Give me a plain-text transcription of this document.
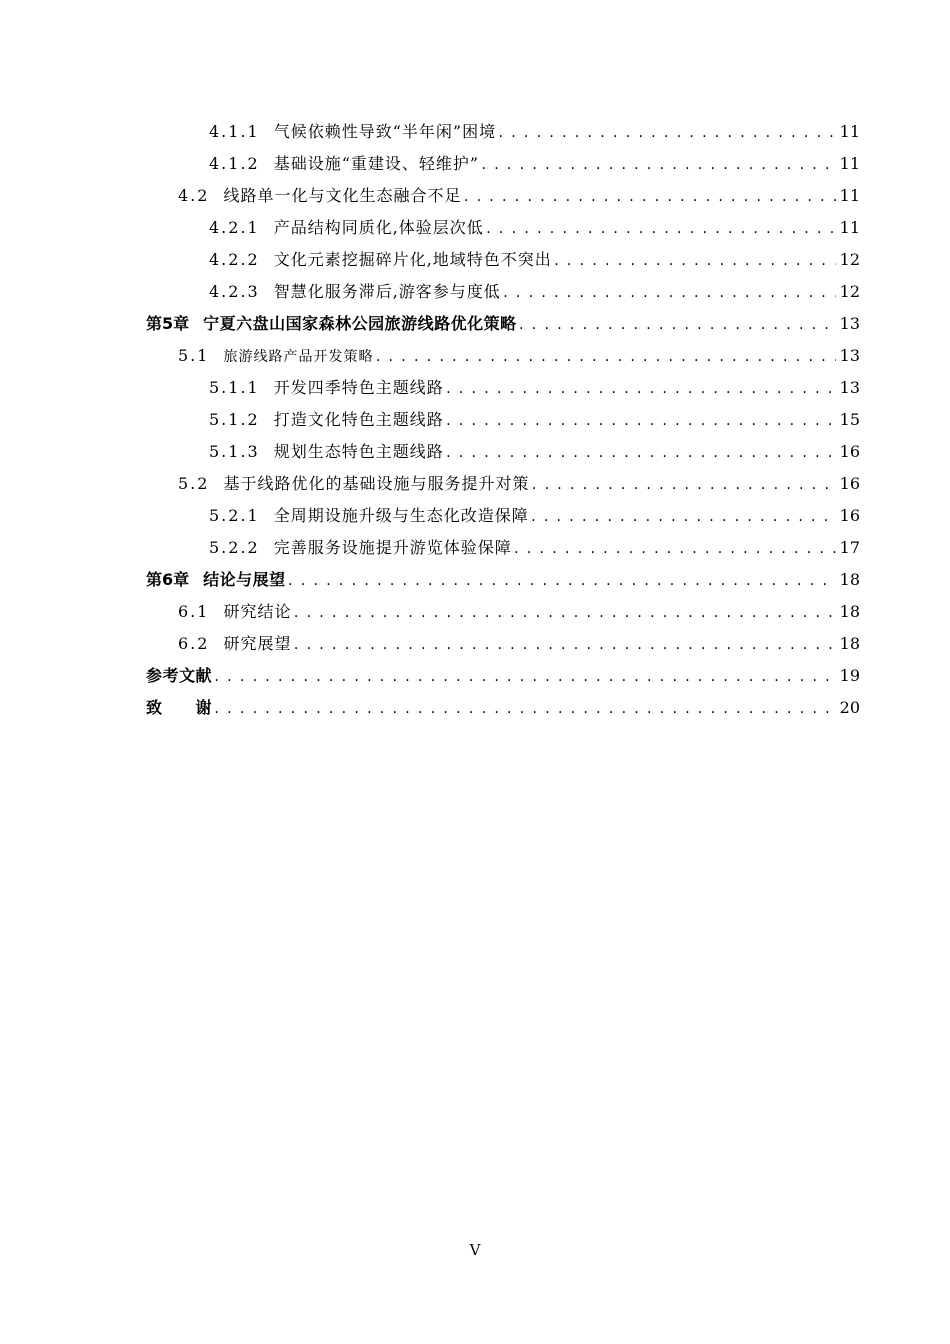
4.1.1 气候依赖性导致“半年闲”困境 .....	11
4.1.2 基础设施“重建设、轻维护” .....	11
4.2 线路单一化与文化生态融合不足 .....	11
4.2.1 产品结构同质化,体验层次低 .....	11
4.2.2 文化元素挖掘碎片化,地域特色不突出 .....	12
4.2.3 智慧化服务滞后,游客参与度低 .....	12
第5章 宁夏六盘山国家森林公园旅游线路优化策略 .....	13
5.1 旅游线路产品开发策略 .....	13
5.1.1 开发四季特色主题线路 .....	13
5.1.2 打造文化特色主题线路 .....	15
5.1.3 规划生态特色主题线路 .....	16
5.2 基于线路优化的基础设施与服务提升对策 .....	16
5.2.1 全周期设施升级与生态化改造保障 .....	16
5.2.2 完善服务设施提升游览体验保障 .....	17
第6章 结论与展望 .....	18
6.1 研究结论 .....	18
6.2 研究展望 .....	18
参考文献 .....	19
致　　谢 .....	20
V
